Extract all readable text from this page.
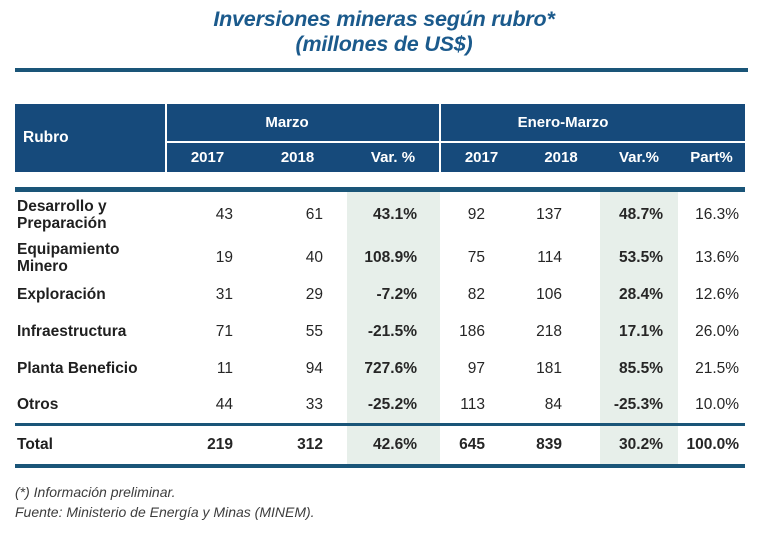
Inversiones mineras según rubro*
(millones de US$)
Rubro	Marzo			Enero-Marzo			
	2017	2018	Var. %	2017	2018	Var.%	Part%

Desarrollo y Preparación	43	61	43.1%	92	137	48.7%	16.3%
Equipamiento Minero	19	40	108.9%	75	114	53.5%	13.6%
Exploración	31	29	-7.2%	82	106	28.4%	12.6%
Infraestructura	71	55	-21.5%	186	218	17.1%	26.0%
Planta Beneficio	11	94	727.6%	97	181	85.5%	21.5%
Otros	44	33	-25.2%	113	84	-25.3%	10.0%
Total	219	312	42.6%	645	839	30.2%	100.0%
(*) Información preliminar.
Fuente: Ministerio de Energía y Minas (MINEM).
